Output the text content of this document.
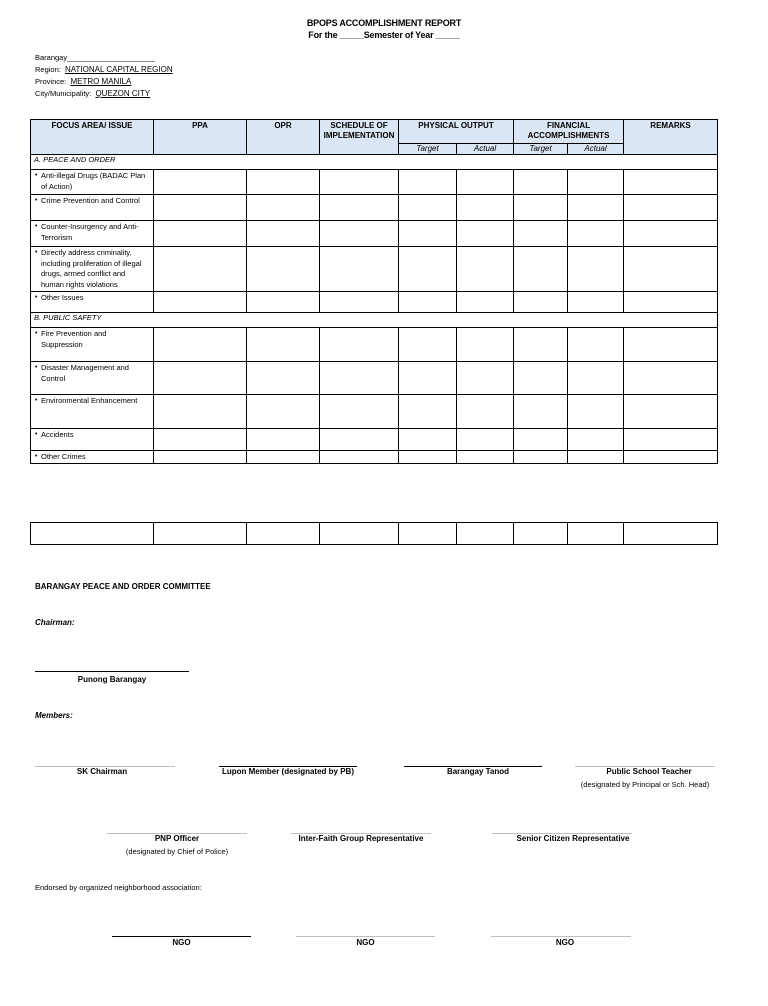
BPOPS ACCOMPLISHMENT REPORT
For the _____Semester of Year _____
Barangay_____________________
Region: NATIONAL CAPITAL REGION
Province: METRO MANILA
City/Municipality: QUEZON CITY
FOCUS AREA/ ISSUE	PPA	OPR	SCHEDULE OF IMPLEMENTATION	PHYSICAL OUTPUT		FINANCIAL ACCOMPLISHMENTS		REMARKS
				Target	Actual	Target	Actual	
A. PEACE AND ORDER								
• Anti-illegal Drugs (BADAC Plan of Action)								
• Crime Prevention and Control								
• Counter-Insurgency and Anti-Terrorism								
• Directly address criminality, including proliferation of illegal drugs, armed conflict and human rights violations								
• Other Issues								
B. PUBLIC SAFETY								
• Fire Prevention and Suppression								
• Disaster Management and Control								
• Environmental Enhancement								
• Accidents								
• Other Crimes								

BARANGAY PEACE AND ORDER COMMITTEE
Chairman:
Punong Barangay
Members:
SK Chairman	Lupon Member (designated by PB)	Barangay Tanod	Public School Teacher
(designated by Principal or Sch. Head)
PNP Officer
(designated by Chief of Police)
Inter-Faith Group Representative	Senior Citizen Representative
Endorsed by organized neighborhood association:
NGO	NGO	NGO
